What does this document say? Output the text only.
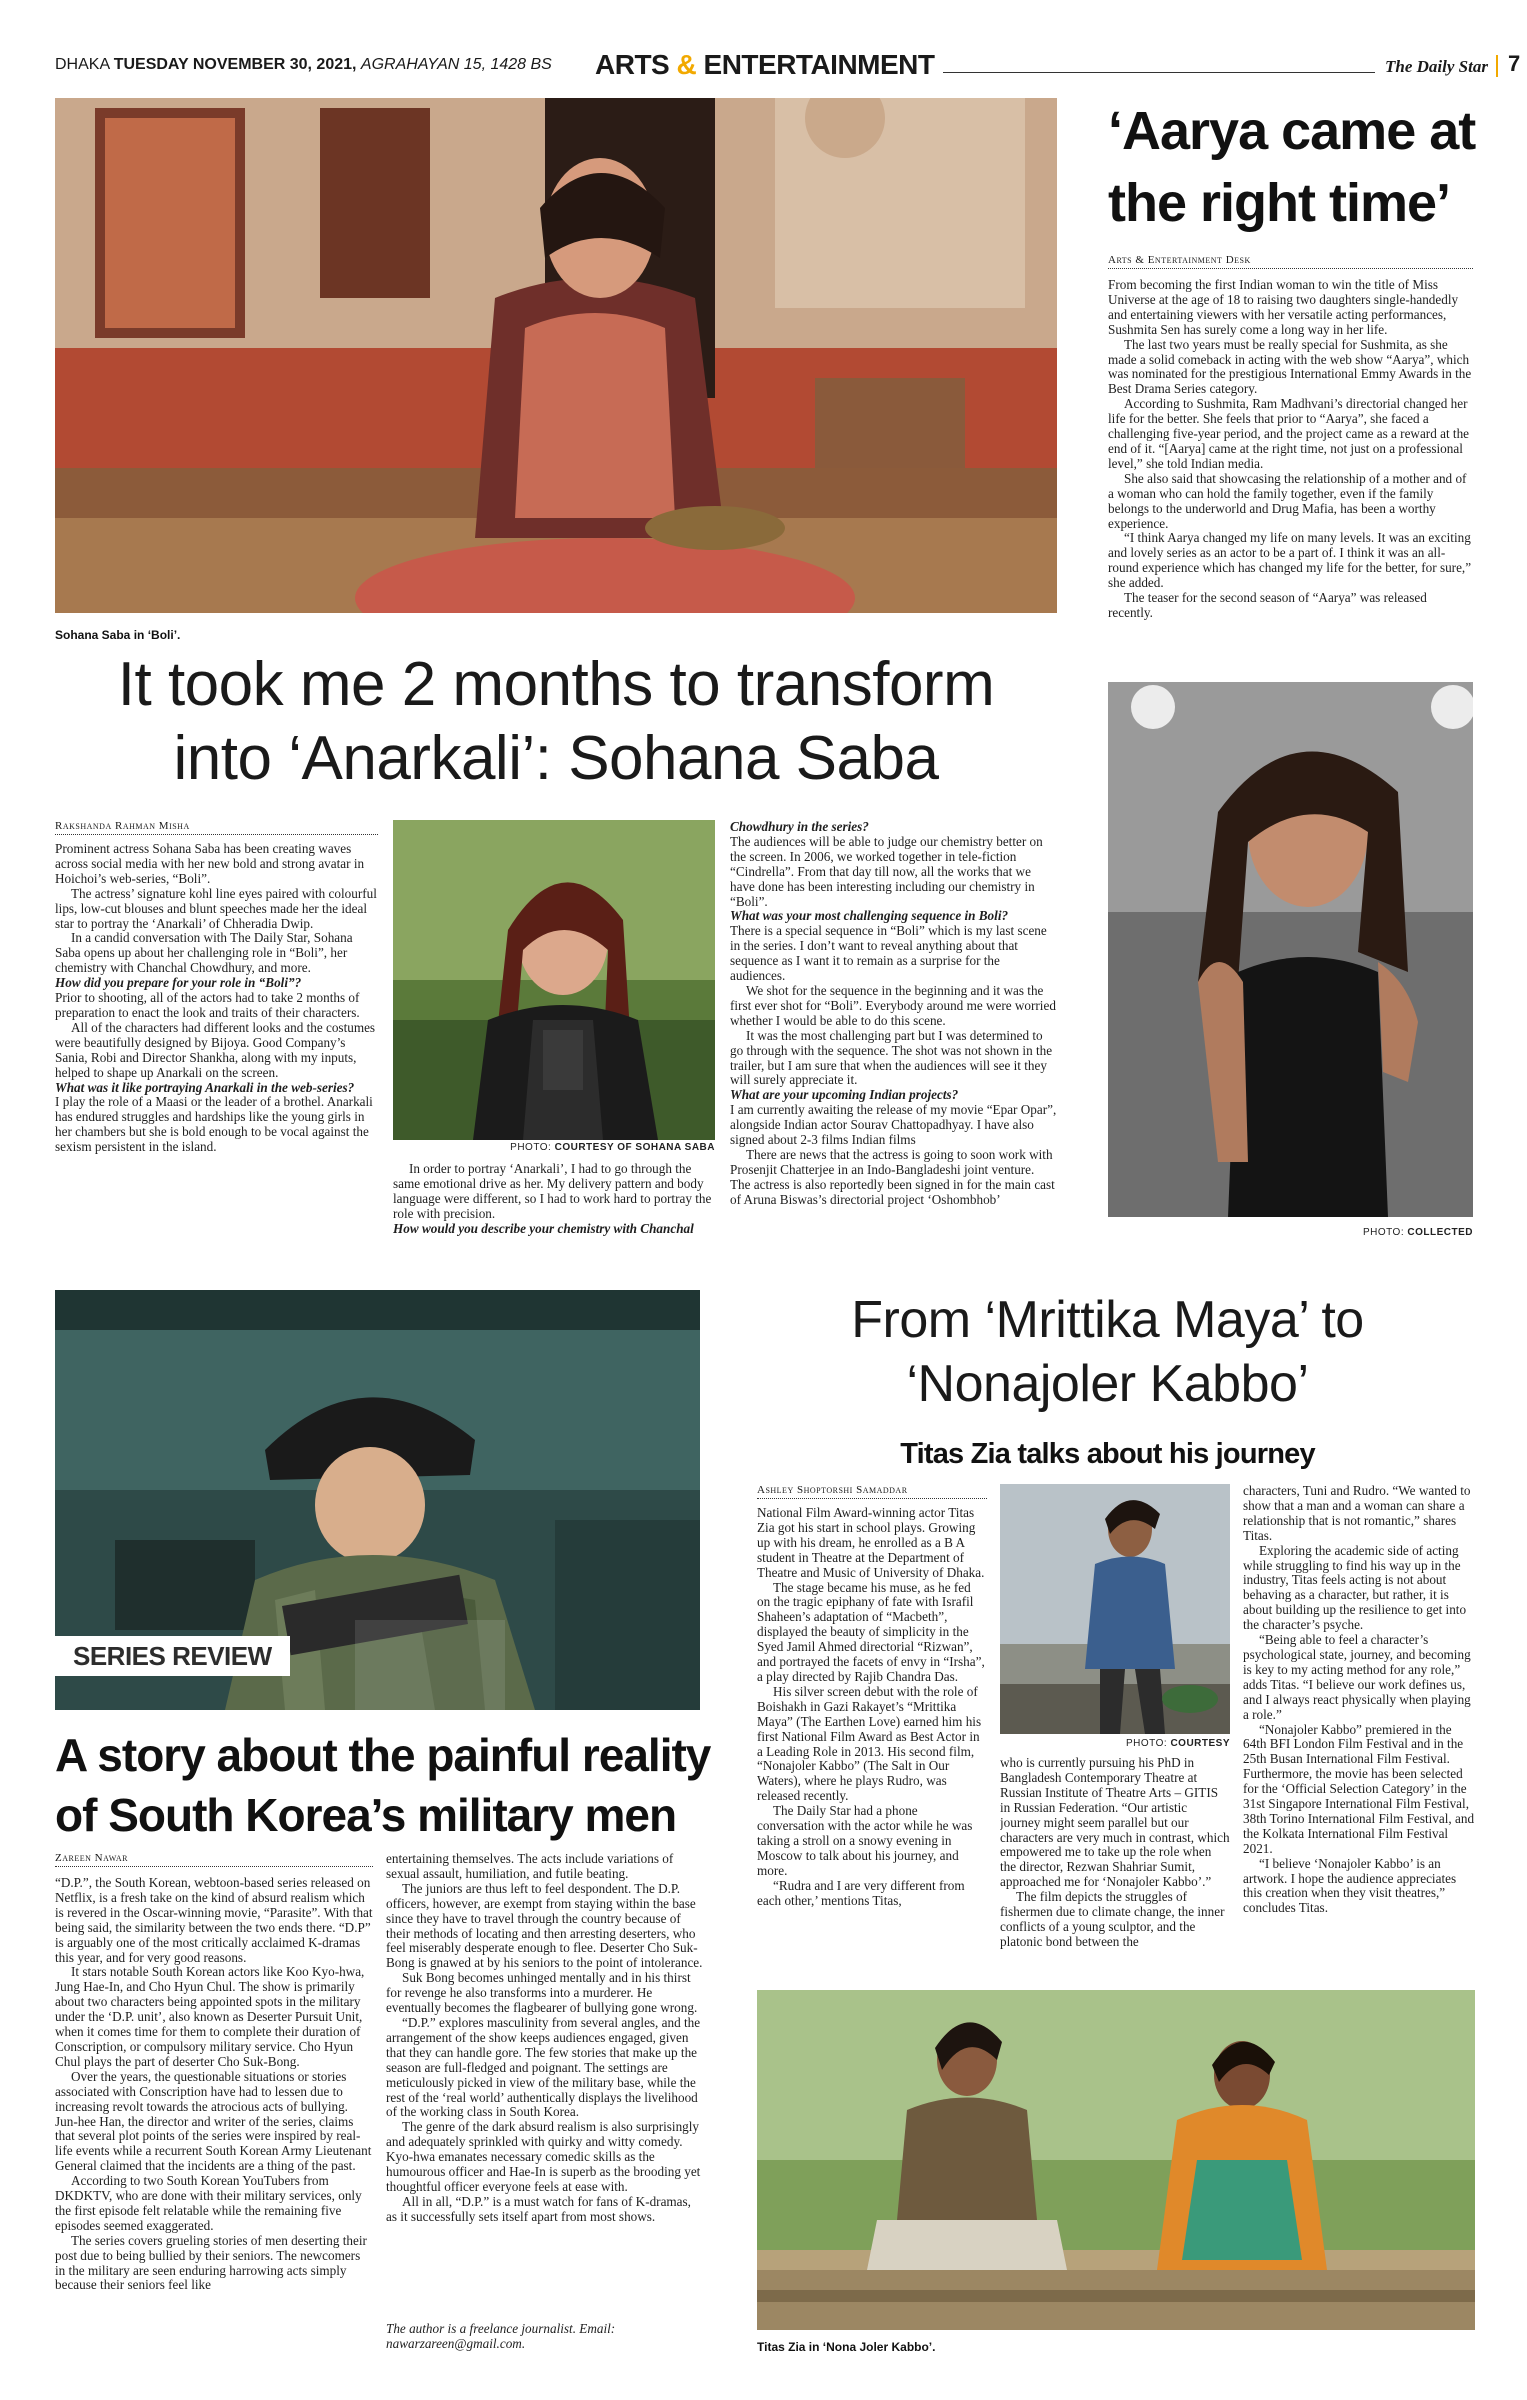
DHAKA TUESDAY NOVEMBER 30, 2021, AGRAHAYAN 15, 1428 BS ARTS & ENTERTAINMENT	The Daily Star 7
Sohana Saba in ‘Boli’.
It took me 2 months to transform
into ‘Anarkali’: Sohana Saba
Rakshanda Rahman Misha

Prominent actress Sohana Saba has been creating waves across social media with her new bold and strong avatar in Hoichoi’s web-series, “Boli”.

The actress’ signature kohl line eyes paired with colourful lips, low-cut blouses and blunt speeches made her the ideal star to portray the ‘Anarkali’ of Chheradia Dwip.

In a candid conversation with The Daily Star, Sohana Saba opens up about her challenging role in “Boli”, her chemistry with Chanchal Chowdhury, and more.

How did you prepare for your role in “Boli”?

Prior to shooting, all of the actors had to take 2 months of preparation to enact the look and traits of their characters.

All of the characters had different looks and the costumes were beautifully designed by Bijoya. Good Company’s Sania, Robi and Director Shankha, along with my inputs, helped to shape up Anarkali on the screen.

What was it like portraying Anarkali in the web-series?

I play the role of a Maasi or the leader of a brothel. Anarkali has endured struggles and hardships like the young girls in her chambers but she is bold enough to be vocal against the sexism persistent in the island.	PHOTO: COURTESY OF SOHANA SABA

In order to portray ‘Anarkali’, I had to go through the same emotional drive as her. My delivery pattern and body language were different, so I had to work hard to portray the role with precision.

How would you describe your chemistry with Chanchal

Chowdhury in the series?

The audiences will be able to judge our chemistry better on the screen. In 2006, we worked together in tele-fiction “Cindrella”. From that day till now, all the works that we have done has been interesting including our chemistry in “Boli”.

What was your most challenging sequence in Boli?

There is a special sequence in “Boli” which is my last scene in the series. I don’t want to reveal anything about that sequence as I want it to remain as a surprise for the audiences.

We shot for the sequence in the beginning and it was the first ever shot for “Boli”. Everybody around me were worried whether I would be able to do this scene.

It was the most challenging part but I was determined to go through with the sequence. The shot was not shown in the trailer, but I am sure that when the audiences will see it they will surely appreciate it.

What are your upcoming Indian projects?

I am currently awaiting the release of my movie “Epar Opar”, alongside Indian actor Sourav Chattopadhyay. I have also signed about 2-3 films Indian films

There are news that the actress is going to soon work with Prosenjit Chatterjee in an Indo-Bangladeshi joint venture. The actress is also reportedly been signed in for the main cast of Aruna Biswas’s directorial project ‘Oshombhob’

‘Aarya came at
the right time’
Arts & Entertainment Desk

From becoming the first Indian woman to win the title of Miss Universe at the age of 18 to raising two daughters single-handedly and entertaining viewers with her versatile acting performances, Sushmita Sen has surely come a long way in her life.

The last two years must be really special for Sushmita, as she made a solid comeback in acting with the web show “Aarya”, which was nominated for the prestigious International Emmy Awards in the Best Drama Series category.

According to Sushmita, Ram Madhvani’s directorial changed her life for the better. She feels that prior to “Aarya”, she faced a challenging five-year period, and the project came as a reward at the end of it. “[Aarya] came at the right time, not just on a professional level,” she told Indian media.

She also said that showcasing the relationship of a mother and of a woman who can hold the family together, even if the family belongs to the underworld and Drug Mafia, has been a worthy experience.

“I think Aarya changed my life on many levels. It was an exciting and lovely series as an actor to be a part of. I think it was an all-round experience which has changed my life for the better, for sure,” she added.

The teaser for the second season of “Aarya” was released recently.

PHOTO: COLLECTED
SERIES REVIEW
A story about the painful reality
of South Korea’s military men
Zareen Nawar

“D.P.”, the South Korean, webtoon-based series released on Netflix, is a fresh take on the kind of absurd realism which is revered in the Oscar-winning movie, “Parasite”. With that being said, the similarity between the two ends there. “D.P” is arguably one of the most critically acclaimed K-dramas this year, and for very good reasons.

It stars notable South Korean actors like Koo Kyo-hwa, Jung Hae-In, and Cho Hyun Chul. The show is primarily about two characters being appointed spots in the military under the ‘D.P. unit’, also known as Deserter Pursuit Unit, when it comes time for them to complete their duration of Conscription, or compulsory military service. Cho Hyun Chul plays the part of deserter Cho Suk-Bong.

Over the years, the questionable situations or stories associated with Conscription have had to lessen due to increasing revolt towards the atrocious acts of bullying. Jun-hee Han, the director and writer of the series, claims that several plot points of the series were inspired by real-life events while a recurrent South Korean Army Lieutenant General claimed that the incidents are a thing of the past.

According to two South Korean YouTubers from DKDKTV, who are done with their military services, only the first episode felt relatable while the remaining five episodes seemed exaggerated.

The series covers grueling stories of men deserting their post due to being bullied by their seniors. The newcomers in the military are seen enduring harrowing acts simply because their seniors feel like

entertaining themselves. The acts include variations of sexual assault, humiliation, and futile beating.

The juniors are thus left to feel despondent. The D.P. officers, however, are exempt from staying within the base since they have to travel through the country because of their methods of locating and then arresting deserters, who feel miserably desperate enough to flee. Deserter Cho Suk-Bong is gnawed at by his seniors to the point of intolerance.

Suk Bong becomes unhinged mentally and in his thirst for revenge he also transforms into a murderer. He eventually becomes the flagbearer of bullying gone wrong.

“D.P.” explores masculinity from several angles, and the arrangement of the show keeps audiences engaged, given that they can handle gore. The few stories that make up the season are full-fledged and poignant. The settings are meticulously picked in view of the military base, while the rest of the ‘real world’ authentically displays the livelihood of the working class in South Korea.

The genre of the dark absurd realism is also surprisingly and adequately sprinkled with quirky and witty comedy. Kyo-hwa emanates necessary comedic skills as the humourous officer and Hae-In is superb as the brooding yet thoughtful officer everyone feels at ease with.

All in all, “D.P.” is a must watch for fans of K-dramas, as it successfully sets itself apart from most shows.

The author is a freelance journalist. Email:

nawarzareen@gmail.com.

From ‘Mrittika Maya’ to
‘Nonajoler Kabbo’
Titas Zia talks about his journey
Ashley Shoptorshi Samaddar

National Film Award-winning actor Titas Zia got his start in school plays. Growing up with his dream, he enrolled as a B A student in Theatre at the Department of Theatre and Music of University of Dhaka.

The stage became his muse, as he fed on the tragic epiphany of fate with Israfil Shaheen’s adaptation of “Macbeth”, displayed the beauty of simplicity in the Syed Jamil Ahmed directorial “Rizwan”, and portrayed the facets of envy in “Irsha”, a play directed by Rajib Chandra Das.

His silver screen debut with the role of Boishakh in Gazi Rakayet’s “Mrittika Maya” (The Earthen Love) earned him his first National Film Award as Best Actor in a Leading Role in 2013. His second film, “Nonajoler Kabbo” (The Salt in Our Waters), where he plays Rudro, was released recently.

The Daily Star had a phone conversation with the actor while he was taking a stroll on a snowy evening in Moscow to talk about his journey, and more.

“Rudra and I are very different from each other,’ mentions Titas,

PHOTO: COURTESY

who is currently pursuing his PhD in Bangladesh Contemporary Theatre at Russian Institute of Theatre Arts – GITIS in Russian Federation. “Our artistic journey might seem parallel but our characters are very much in contrast, which empowered me to take up the role when the director, Rezwan Shahriar Sumit, approached me for ‘Nonajoler Kabbo’.”

The film depicts the struggles of fishermen due to climate change, the inner conflicts of a young sculptor, and the platonic bond between the

characters, Tuni and Rudro. “We wanted to show that a man and a woman can share a relationship that is not romantic,” shares Titas.

Exploring the academic side of acting while struggling to find his way up in the industry, Titas feels acting is not about behaving as a character, but rather, it is about building up the resilience to get into the character’s psyche.

“Being able to feel a character’s psychological state, journey, and becoming is key to my acting method for any role,” adds Titas. “I believe our work defines us, and I always react physically when playing a role.”

“Nonajoler Kabbo” premiered in the 64th BFI London Film Festival and in the 25th Busan International Film Festival. Furthermore, the movie has been selected for the ‘Official Selection Category’ in the 31st Singapore International Film Festival, 38th Torino International Film Festival, and the Kolkata International Film Festival 2021.

“I believe ‘Nonajoler Kabbo’ is an artwork. I hope the audience appreciates this creation when they visit theatres,” concludes Titas.

Titas Zia in ‘Nona Joler Kabbo’.
